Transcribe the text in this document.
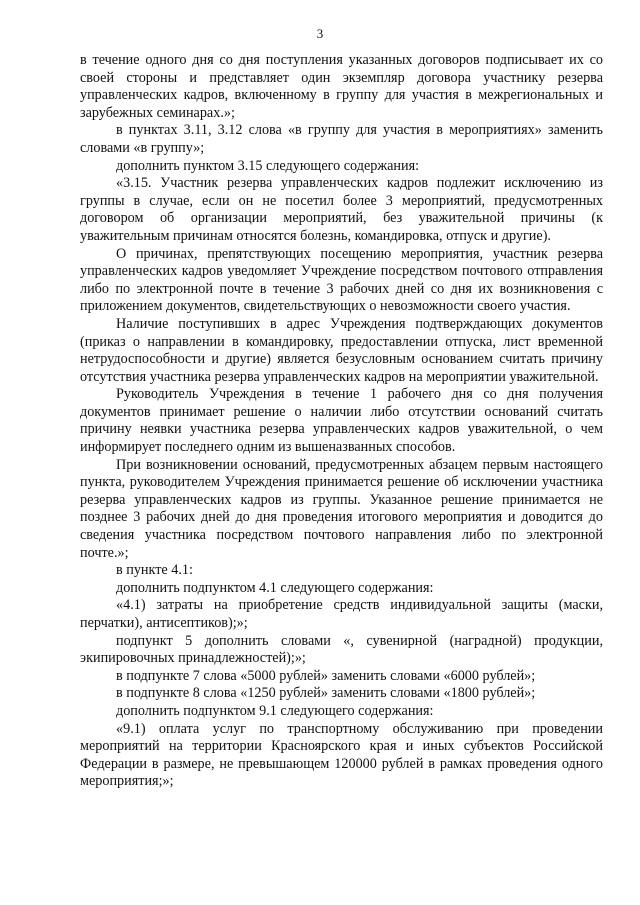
3

в течение одного дня со дня поступления указанных договоров подписывает их со своей стороны и представляет один экземпляр договора участнику резерва управленческих кадров, включенному в группу для участия в межрегиональных и зарубежных семинарах.»;

в пунктах 3.11, 3.12 слова «в группу для участия в мероприятиях» заменить словами «в группу»;

дополнить пунктом 3.15 следующего содержания:

«3.15. Участник резерва управленческих кадров подлежит исключению из группы в случае, если он не посетил более 3 мероприятий, предусмотренных договором об организации мероприятий, без уважительной причины (к уважительным причинам относятся болезнь, командировка, отпуск и другие).

О причинах, препятствующих посещению мероприятия, участник резерва управленческих кадров уведомляет Учреждение посредством почтового отправления либо по электронной почте в течение 3 рабочих дней со дня их возникновения с приложением документов, свидетельствующих о невозможности своего участия.

Наличие поступивших в адрес Учреждения подтверждающих документов (приказ о направлении в командировку, предоставлении отпуска, лист временной нетрудоспособности и другие) является безусловным основанием считать причину отсутствия участника резерва управленческих кадров на мероприятии уважительной.

Руководитель Учреждения в течение 1 рабочего дня со дня получения документов принимает решение о наличии либо отсутствии оснований считать причину неявки участника резерва управленческих кадров уважительной, о чем информирует последнего одним из вышеназванных способов.

При возникновении оснований, предусмотренных абзацем первым настоящего пункта, руководителем Учреждения принимается решение об исключении участника резерва управленческих кадров из группы. Указанное решение принимается не позднее 3 рабочих дней до дня проведения итогового мероприятия и доводится до сведения участника посредством почтового направления либо по электронной почте.»;

в пункте 4.1:

дополнить подпунктом 4.1 следующего содержания:

«4.1) затраты на приобретение средств индивидуальной защиты (маски, перчатки), антисептиков);»;

подпункт 5 дополнить словами «, сувенирной (наградной) продукции, экипировочных принадлежностей);»;

в подпункте 7 слова «5000 рублей» заменить словами «6000 рублей»;

в подпункте 8 слова «1250 рублей» заменить словами «1800 рублей»;

дополнить подпунктом 9.1 следующего содержания:

«9.1) оплата услуг по транспортному обслуживанию при проведении мероприятий на территории Красноярского края и иных субъектов Российской Федерации в размере, не превышающем 120000 рублей в рамках проведения одного мероприятия;»;
